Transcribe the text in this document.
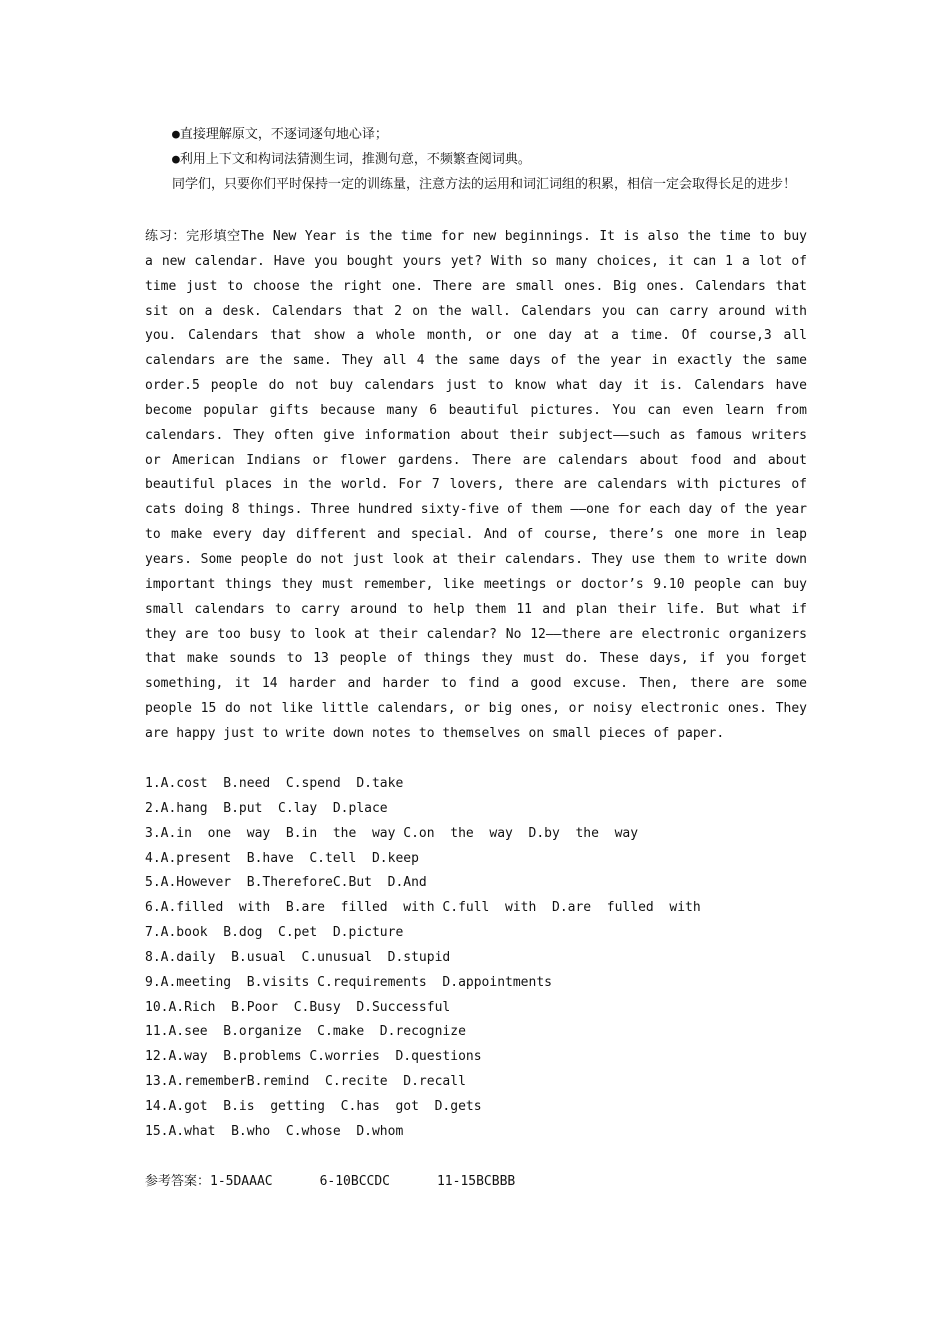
●直接理解原文，不逐词逐句地心译；

●利用上下文和构词法猜测生词，推测句意，不频繁查阅词典。

同学们，只要你们平时保持一定的训练量，注意方法的运用和词汇词组的积累，相信一定会取得长足的进步！

练习：完形填空The New Year is the time for new beginnings. It is also the time to buy a new calendar. Have you bought yours yet? With so many choices, it can 1 a lot of time just to choose the right one. There are small ones. Big ones. Calendars that sit on a desk. Calendars that 2 on the wall. Calendars you can carry around with you. Calendars that show a whole month, or one day at a time. Of course,3 all calendars are the same. They all 4 the same days of the year in exactly the same order.5 people do not buy calendars just to know what day it is. Calendars have become popular gifts because many 6 beautiful pictures. You can even learn from calendars. They often give information about their subject——such as famous writers or American Indians or flower gardens. There are calendars about food and about beautiful places in the world. For 7 lovers, there are calendars with pictures of cats doing 8 things. Three hundred sixty-five of them ——one for each day of the year to make every day different and special. And of course, there’s one more in leap years. Some people do not just look at their calendars. They use them to write down important things they must remember, like meetings or doctor’s 9.10 people can buy small calendars to carry around to help them 11 and plan their life. But what if they are too busy to look at their calendar? No 12——there are electronic organizers that make sounds to 13 people of things they must do. These days, if you forget something, it 14 harder and harder to find a good excuse. Then, there are some people 15 do not like little calendars, or big ones, or noisy electronic ones. They are happy just to write down notes to themselves on small pieces of paper.

1.A.cost  B.need  C.spend  D.take

2.A.hang  B.put  C.lay  D.place

3.A.in  one  way  B.in  the  way C.on  the  way  D.by  the  way

4.A.present  B.have  C.tell  D.keep

5.A.However  B.ThereforeC.But  D.And

6.A.filled  with  B.are  filled  with C.full  with  D.are  fulled  with

7.A.book  B.dog  C.pet  D.picture

8.A.daily  B.usual  C.unusual  D.stupid

9.A.meeting  B.visits C.requirements  D.appointments

10.A.Rich  B.Poor  C.Busy  D.Successful

11.A.see  B.organize  C.make  D.recognize

12.A.way  B.problems C.worries  D.questions

13.A.rememberB.remind  C.recite  D.recall

14.A.got  B.is  getting  C.has  got  D.gets

15.A.what  B.who  C.whose  D.whom

参考答案：1-5DAAAC      6-10BCCDC      11-15BCBBB
